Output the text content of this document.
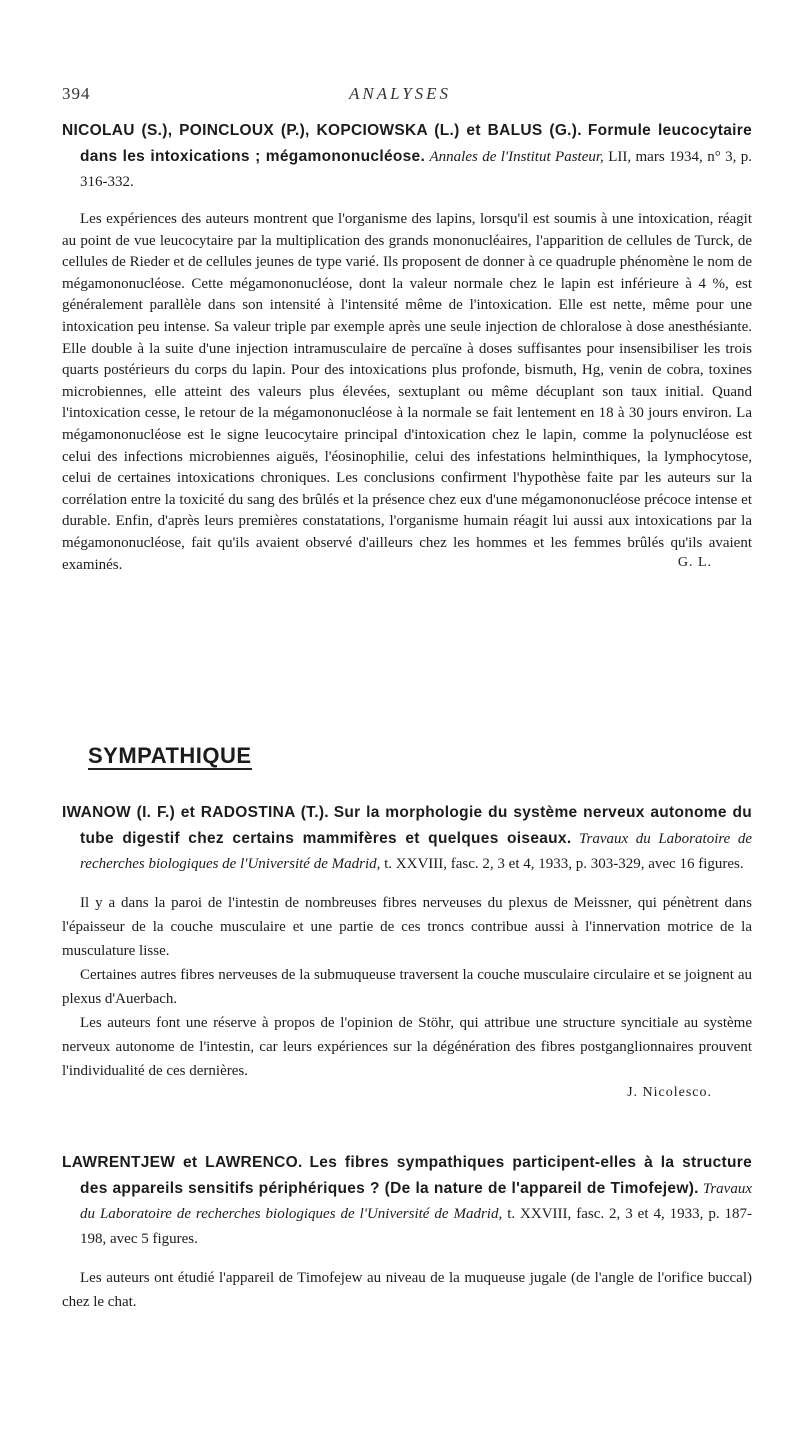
394	ANALYSES

NICOLAU (S.), POINCLOUX (P.), KOPCIOWSKA (L.) et BALUS (G.). Formule leucocytaire dans les intoxications ; mégamononucléose. Annales de l'Institut Pasteur, LII, mars 1934, n° 3, p. 316-332.

Les expériences des auteurs montrent que l'organisme des lapins, lorsqu'il est soumis à une intoxication, réagit au point de vue leucocytaire par la multiplication des grands mononucléaires, l'apparition de cellules de Turck, de cellules de Rieder et de cellules jeunes de type varié. Ils proposent de donner à ce quadruple phénomène le nom de mégamononucléose. Cette mégamononucléose, dont la valeur normale chez le lapin est inférieure à 4 %, est généralement parallèle dans son intensité à l'intensité même de l'intoxication. Elle est nette, même pour une intoxication peu intense. Sa valeur triple par exemple après une seule injection de chloralose à dose anesthésiante. Elle double à la suite d'une injection intramusculaire de percaïne à doses suffisantes pour insensibiliser les trois quarts postérieurs du corps du lapin. Pour des intoxications plus profonde, bismuth, Hg, venin de cobra, toxines microbiennes, elle atteint des valeurs plus élevées, sextuplant ou même décuplant son taux initial. Quand l'intoxication cesse, le retour de la mégamononucléose à la normale se fait lentement en 18 à 30 jours environ. La mégamononucléose est le signe leucocytaire principal d'intoxication chez le lapin, comme la polynucléose est celui des infections microbiennes aiguës, l'éosinophilie, celui des infestations helminthiques, la lymphocytose, celui de certaines intoxications chroniques. Les conclusions confirment l'hypothèse faite par les auteurs sur la corrélation entre la toxicité du sang des brûlés et la présence chez eux d'une mégamononucléose précoce intense et durable. Enfin, d'après leurs premières constatations, l'organisme humain réagit lui aussi aux intoxications par la mégamononucléose, fait qu'ils avaient observé d'ailleurs chez les hommes et les femmes brûlés qu'ils avaient examinés.	G. L.

SYMPATHIQUE

IWANOW (I. F.) et RADOSTINA (T.). Sur la morphologie du système nerveux autonome du tube digestif chez certains mammifères et quelques oiseaux. Travaux du Laboratoire de recherches biologiques de l'Université de Madrid, t. XXVIII, fasc. 2, 3 et 4, 1933, p. 303-329, avec 16 figures.

Il y a dans la paroi de l'intestin de nombreuses fibres nerveuses du plexus de Meissner, qui pénètrent dans l'épaisseur de la couche musculaire et une partie de ces troncs contribue aussi à l'innervation motrice de la musculature lisse.

Certaines autres fibres nerveuses de la submuqueuse traversent la couche musculaire circulaire et se joignent au plexus d'Auerbach.

Les auteurs font une réserve à propos de l'opinion de Stöhr, qui attribue une structure syncitiale au système nerveux autonome de l'intestin, car leurs expériences sur la dégénération des fibres postganglionnaires prouvent l'individualité de ces dernières.

J. Nicolesco.

LAWRENTJEW et LAWRENCO. Les fibres sympathiques participent-elles à la structure des appareils sensitifs périphériques ? (De la nature de l'appareil de Timofejew). Travaux du Laboratoire de recherches biologiques de l'Université de Madrid, t. XXVIII, fasc. 2, 3 et 4, 1933, p. 187-198, avec 5 figures.

Les auteurs ont étudié l'appareil de Timofejew au niveau de la muqueuse jugale (de l'angle de l'orifice buccal) chez le chat.
